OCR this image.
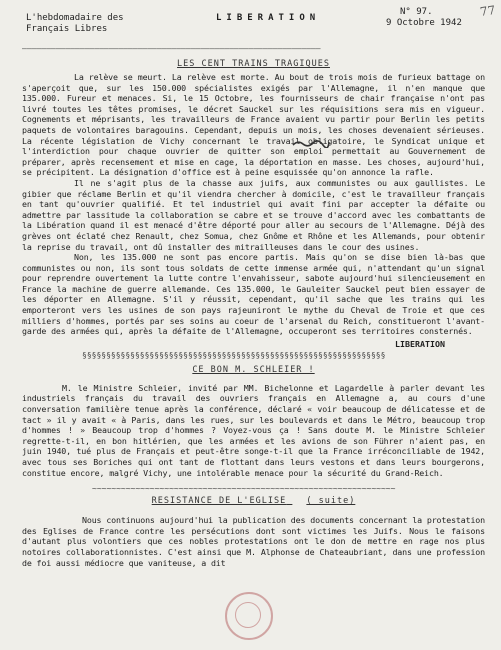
77
L'hebdomadaire des
Français Libres
LIBERATION
N° 97.
9 Octobre 1942
——————————————————————————————————————————————————————————————
LES CENT TRAINS TRAGIQUES

La relève se meurt. La relève est morte. Au bout de trois mois de furieux battage on s'aperçoit que, sur les 150.000 spécialistes exigés par l'Allemagne, il n'en manque que 135.000. Fureur et menaces. Si, le 15 Octobre, les fournisseurs de chair française n'ont pas livré toutes les têtes promises, le décret Sauckel sur les réquisitions sera mis en vigueur. Cognements et méprisants, les travailleurs de France avaient vu partir pour Berlin les petits paquets de volontaires baragouins. Cependant, depuis un mois, les choses devenaient sérieuses. La récente législation de Vichy concernant le travail obligatoire, le Syndicat unique et l'interdiction pour chaque ouvrier de quitter son emploi permettait au Gouvernement de préparer, après recensement et mise en cage, la déportation en masse. Les choses, aujourd'hui, se précipitent. La désignation d'office est à peine esquissée qu'on annonce la rafle.

Il ne s'agit plus de la chasse aux juifs, aux communistes ou aux gaullistes. Le gibier que réclame Berlin et qu'il viendra chercher à domicile, c'est le travailleur français en tant qu'ouvrier qualifié. Et tel industriel qui avait fini par accepter la défaite ou admettre par lassitude la collaboration se cabre et se trouve d'accord avec les combattants de la Libération quand il est menacé d'être déporté pour aller au secours de l'Allemagne. Déjà des grèves ont éclaté chez Renault, chez Somua, chez Gnôme et Rhône et les Allemands, pour obtenir la reprise du travail, ont dû installer des mitrailleuses dans le cour des usines.

Non, les 135.000 ne sont pas encore partis. Mais qu'on se dise bien là-bas que communistes ou non, ils sont tous soldats de cette immense armée qui, n'attendant qu'un signal pour reprendre ouvertement la lutte contre l'envahisseur, sabote aujourd'hui silencieusement en France la machine de guerre allemande. Ces 135.000, le Gauleiter Sauckel peut bien essayer de les déporter en Allemagne. S'il y réussit, cependant, qu'il sache que les trains qui les emporteront vers les usines de son pays rajeuniront le mythe du Cheval de Troie et que ces milliers d'hommes, portés par ses soins au coeur de l'arsenal du Reich, constitueront l'avant-garde des armées qui, après la défaite de l'Allemagne, occuperont ses territoires consternés.

LIBERATION
§§§§§§§§§§§§§§§§§§§§§§§§§§§§§§§§§§§§§§§§§§§§§§§§§§§§§§§§§§§§§§§
CE BON M. SCHLEIER !

M. le Ministre Schleier, invité par MM. Bichelonne et Lagardelle à parler devant les industriels français du travail des ouvriers français en Allemagne a, au cours d'une conversation familière tenue après la conférence, déclaré « voir beaucoup de délicatesse et de tact » il y avait « à Paris, dans les rues, sur les boulevards et dans le Métro, beaucoup trop d'hommes ! » Beaucoup trop d'hommes ? Voyez-vous ça ! Sans doute M. le Ministre Schleier regrette-t-il, en bon hitlérien, que les armées et les avions de son Führer n'aient pas, en juin 1940, tué plus de Français et peut-être songe-t-il que la France irréconciliable de 1942, avec tous ses Boriches qui ont tant de flottant dans leurs vestons et dans leurs bourgerons, constitue encore, malgré Vichy, une intolérable menace pour la sécurité du Grand-Reich.

~~~~~~~~~~~~~~~~~~~~~~~~~~~~~~~~~~~~~~~~~~~~~~~~~~~~~~~~~~~~~~~
RESISTANCE DE L'EGLISE ( suite)

Nous continuons aujourd'hui la publication des documents concernant la protestation des Eglises de France contre les persécutions dont sont victimes les Juifs. Nous le faisons d'autant plus volontiers que ces nobles protestations ont le don de mettre en rage nos plus notoires collaborationnistes. C'est ainsi que M. Alphonse de Chateaubriant, dans une profession de foi aussi médiocre que vaniteuse, a dit
